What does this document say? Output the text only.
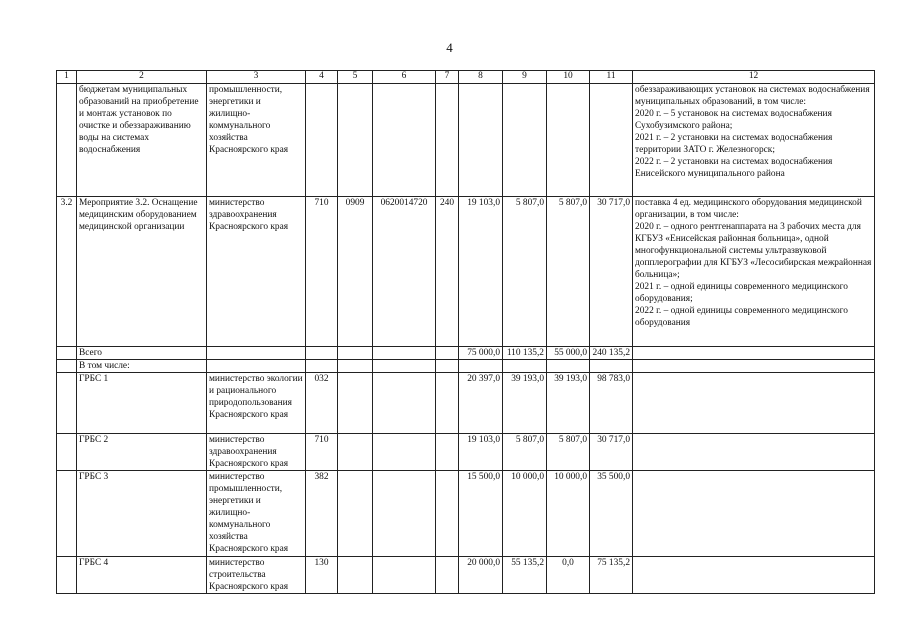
4
1	2	3	4	5	6	7	8	9	10	11	12
	бюджетам муниципальных образований на приобретение и монтаж установок по очистке и обеззараживанию воды на системах водоснабжения	промышленности, энергетики и жилищно-коммунального хозяйства Красноярского края									обеззараживающих установок на системах водоснабжения муниципальных образований, в том числе:
2020 г. – 5 установок на системах водоснабжения Сухобузимского района;
2021 г. – 2 установки на системах водоснабжения территории ЗАТО г. Железногорск;
2022 г. – 2 установки на системах водоснабжения Енисейского муниципального района
3.2	Мероприятие 3.2. Оснащение медицинским оборудованием медицинской организации	министерство здравоохранения Красноярского края	710	0909	0620014720	240	19 103,0	5 807,0	5 807,0	30 717,0	поставка 4 ед. медицинского оборудования медицинской организации, в том числе:
2020 г. – одного рентгенаппарата на 3 рабочих места для КГБУЗ «Енисейская районная больница», одной многофункциональной системы ультразвуковой допплерографии для КГБУЗ «Лесосибирская межрайонная больница»;
2021 г. – одной единицы современного медицинского оборудования;
2022 г. – одной единицы современного медицинского оборудования
	Всего						75 000,0	110 135,2	55 000,0	240 135,2	
	В том числе:										
	ГРБС 1	министерство экологии и рационального природопользования Красноярского края	032				20 397,0	39 193,0	39 193,0	98 783,0	
	ГРБС 2	министерство здравоохранения Красноярского края	710				19 103,0	5 807,0	5 807,0	30 717,0	
	ГРБС 3	министерство промышленности, энергетики и жилищно-коммунального хозяйства Красноярского края	382				15 500,0	10 000,0	10 000,0	35 500,0	
	ГРБС 4	министерство строительства Красноярского края	130				20 000,0	55 135,2	0,0	75 135,2	
